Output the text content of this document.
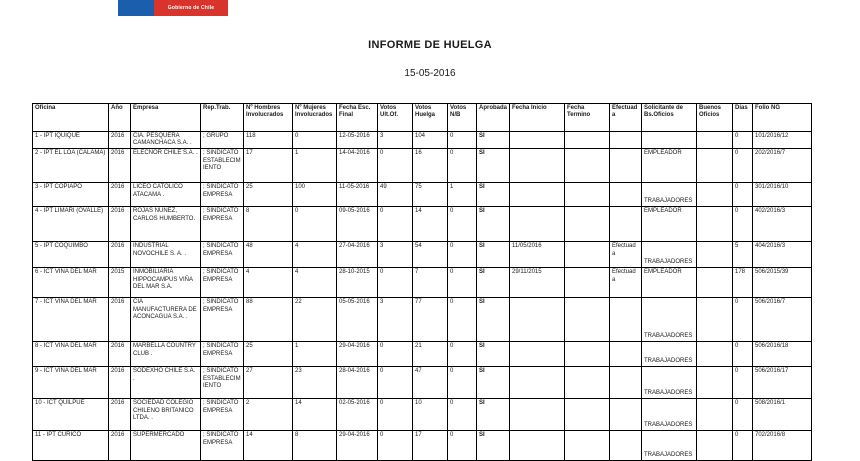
Gobierno de Chile
INFORME DE HUELGA
15-05-2016
Oficina	Año	Empresa	Rep.Trab.	Nº Hombres Involucrados	Nº Mujeres Involucrados	Fecha Esc. Final	Votos Ult.Of.	Votos Huelga	Votos N/B	Aprobada	Fecha Inicio	Fecha Termino	Efectuada	Solicitante de Bs.Oficios	Buenos Oficios	Días	Folio NG
1 - IPT IQUIQUE	2016	CIA. PESQUERA CAMANCHACA S.A. .	; GRUPO	118	0	12-05-2016	3	104	0	SI						0	101/2016/12
2 - IPT EL LOA (CALAMA)	2016	ELECNOR CHILE S.A. .	; SINDICATO ESTABLECIMIENTO	17	1	14-04-2016	0	16	0	SI				EMPLEADOR		0	202/2016/7
3 - IPT COPIAPO	2016	LICEO CATOLICO ATACAMA .	; SINDICATO EMPRESA	25	100	11-05-2016	49	75	1	SI				TRABAJADORES		0	301/2016/10
4 - IPT LIMARI (OVALLE)	2016	ROJAS NUÑEZ, CARLOS HUMBERTO.	; SINDICATO EMPRESA	8	0	09-05-2016	0	14	0	SI				EMPLEADOR		0	402/2016/3
5 - IPT COQUIMBO	2016	INDUSTRIAL NOVOCHILE S. A. .	; SINDICATO EMPRESA	48	4	27-04-2016	3	54	0	SI	11/05/2016		Efectuada	TRABAJADORES		5	404/2016/3
6 - ICT VIÑA DEL MAR	2015	INMOBILIARIA HIPPOCAMPUS VIÑA DEL MAR S.A.	; SINDICATO EMPRESA	4	4	28-10-2015	0	7	0	SI	29/11/2015		Efectuada	EMPLEADOR		178	506/2015/39
7 - ICT VIÑA DEL MAR	2016	CIA MANUFACTURERA DE ACONCAGUA S.A. .	; SINDICATO EMPRESA	88	22	05-05-2016	3	77	0	SI				TRABAJADORES		0	506/2016/7
8 - ICT VIÑA DEL MAR	2016	MARBELLA COUNTRY CLUB .	; SINDICATO EMPRESA	25	1	29-04-2016	0	21	0	SI				TRABAJADORES		0	506/2016/18
9 - ICT VIÑA DEL MAR	2016	SODEXHO CHILE S.A. .	; SINDICATO ESTABLECIMIENTO	27	23	28-04-2016	0	47	0	SI				TRABAJADORES		0	506/2016/17
10 - ICT QUILPUE	2016	SOCIEDAD COLEGIO CHILENO BRITANICO LTDA. .	; SINDICATO EMPRESA	2	14	02-05-2016	0	10	0	SI				TRABAJADORES		0	508/2016/1
11 - IPT CURICO	2016	SUPERMERCADO	; SINDICATO EMPRESA	14	8	29-04-2016	0	17	0	SI				TRABAJADORES		0	702/2016/8
